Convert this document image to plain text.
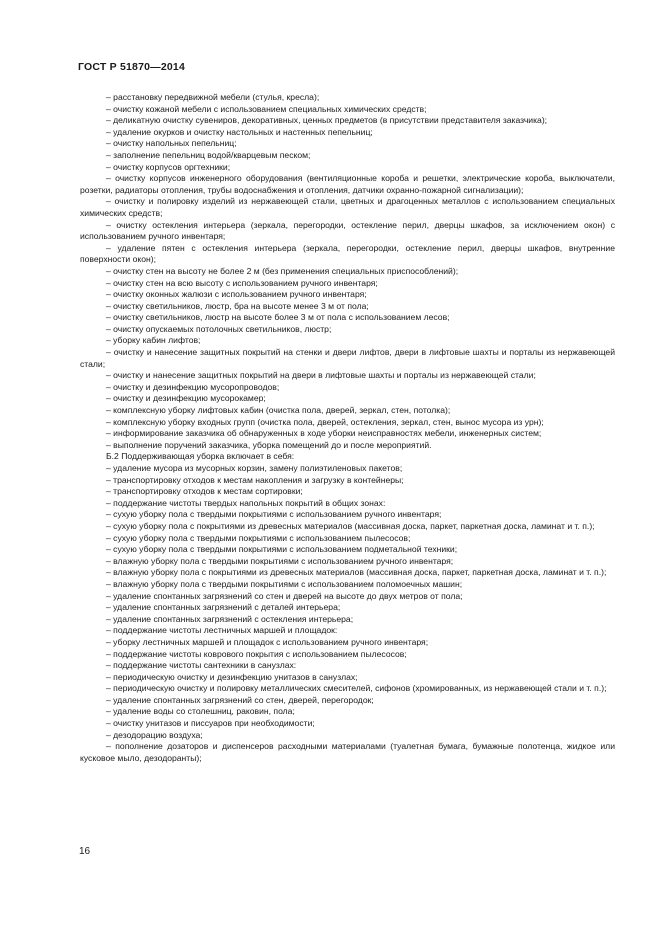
ГОСТ Р 51870—2014

– расстановку передвижной мебели (стулья, кресла);

– очистку кожаной мебели с использованием специальных химических средств;

– деликатную очистку сувениров, декоративных, ценных предметов (в присутствии представителя заказчика);

– удаление окурков и очистку настольных и настенных пепельниц;

– очистку напольных пепельниц;

– заполнение пепельниц водой/кварцевым песком;

– очистку корпусов оргтехники;

– очистку корпусов инженерного оборудования (вентиляционные короба и решетки, электрические короба, выключатели, розетки, радиаторы отопления, трубы водоснабжения и отопления, датчики охранно-пожарной сигнализации);

– очистку и полировку изделий из нержавеющей стали, цветных и драгоценных металлов с использованием специальных химических средств;

– очистку остекления интерьера (зеркала, перегородки, остекление перил, дверцы шкафов, за исключением окон) с использованием ручного инвентаря;

– удаление пятен с остекления интерьера (зеркала, перегородки, остекление перил, дверцы шкафов, внутренние поверхности окон);

– очистку стен на высоту не более 2 м (без применения специальных приспособлений);

– очистку стен на всю высоту с использованием ручного инвентаря;

– очистку оконных жалюзи с использованием ручного инвентаря;

– очистку светильников, люстр, бра на высоте менее 3 м от пола;

– очистку светильников, люстр на высоте более 3 м от пола с использованием лесов;

– очистку опускаемых потолочных светильников, люстр;

– уборку кабин лифтов;

– очистку и нанесение защитных покрытий на стенки и двери лифтов, двери в лифтовые шахты и порталы из нержавеющей стали;

– очистку и нанесение защитных покрытий на двери в лифтовые шахты и порталы из нержавеющей стали;

– очистку и дезинфекцию мусоропроводов;

– очистку и дезинфекцию мусорокамер;

– комплексную уборку лифтовых кабин (очистка пола, дверей, зеркал, стен, потолка);

– комплексную уборку входных групп (очистка пола, дверей, остекления, зеркал, стен, вынос мусора из урн);

– информирование заказчика об обнаруженных в ходе уборки неисправностях мебели, инженерных систем;

– выполнение поручений заказчика, уборка помещений до и после мероприятий.

Б.2 Поддерживающая уборка включает в себя:

– удаление мусора из мусорных корзин, замену полиэтиленовых пакетов;

– транспортировку отходов к местам накопления и загрузку в контейнеры;

– транспортировку отходов к местам сортировки;

– поддержание чистоты твердых напольных покрытий в общих зонах:

– сухую уборку пола с твердыми покрытиями с использованием ручного инвентаря;

– сухую уборку пола с покрытиями из древесных материалов (массивная доска, паркет, паркетная доска, ламинат и т. п.);

– сухую уборку пола с твердыми покрытиями с использованием пылесосов;

– сухую уборку пола с твердыми покрытиями с использованием подметальной техники;

– влажную уборку пола с твердыми покрытиями с использованием ручного инвентаря;

– влажную уборку пола с покрытиями из древесных материалов (массивная доска, паркет, паркетная доска, ламинат и т. п.);

– влажную уборку пола с твердыми покрытиями с использованием поломоечных машин;

– удаление спонтанных загрязнений со стен и дверей на высоте до двух метров от пола;

– удаление спонтанных загрязнений с деталей интерьера;

– удаление спонтанных загрязнений с остекления интерьера;

– поддержание чистоты лестничных маршей и площадок:

– уборку лестничных маршей и площадок с использованием ручного инвентаря;

– поддержание чистоты коврового покрытия с использованием пылесосов;

– поддержание чистоты сантехники в санузлах:

– периодическую очистку и дезинфекцию унитазов в санузлах;

– периодическую очистку и полировку металлических смесителей, сифонов (хромированных, из нержавеющей стали и т. п.);

– удаление спонтанных загрязнений со стен, дверей, перегородок;

– удаление воды со столешниц, раковин, пола;

– очистку унитазов и писсуаров при необходимости;

– дезодорацию воздуха;

– пополнение дозаторов и диспенсеров расходными материалами (туалетная бумага, бумажные полотенца, жидкое или кусковое мыло, дезодоранты);

16
